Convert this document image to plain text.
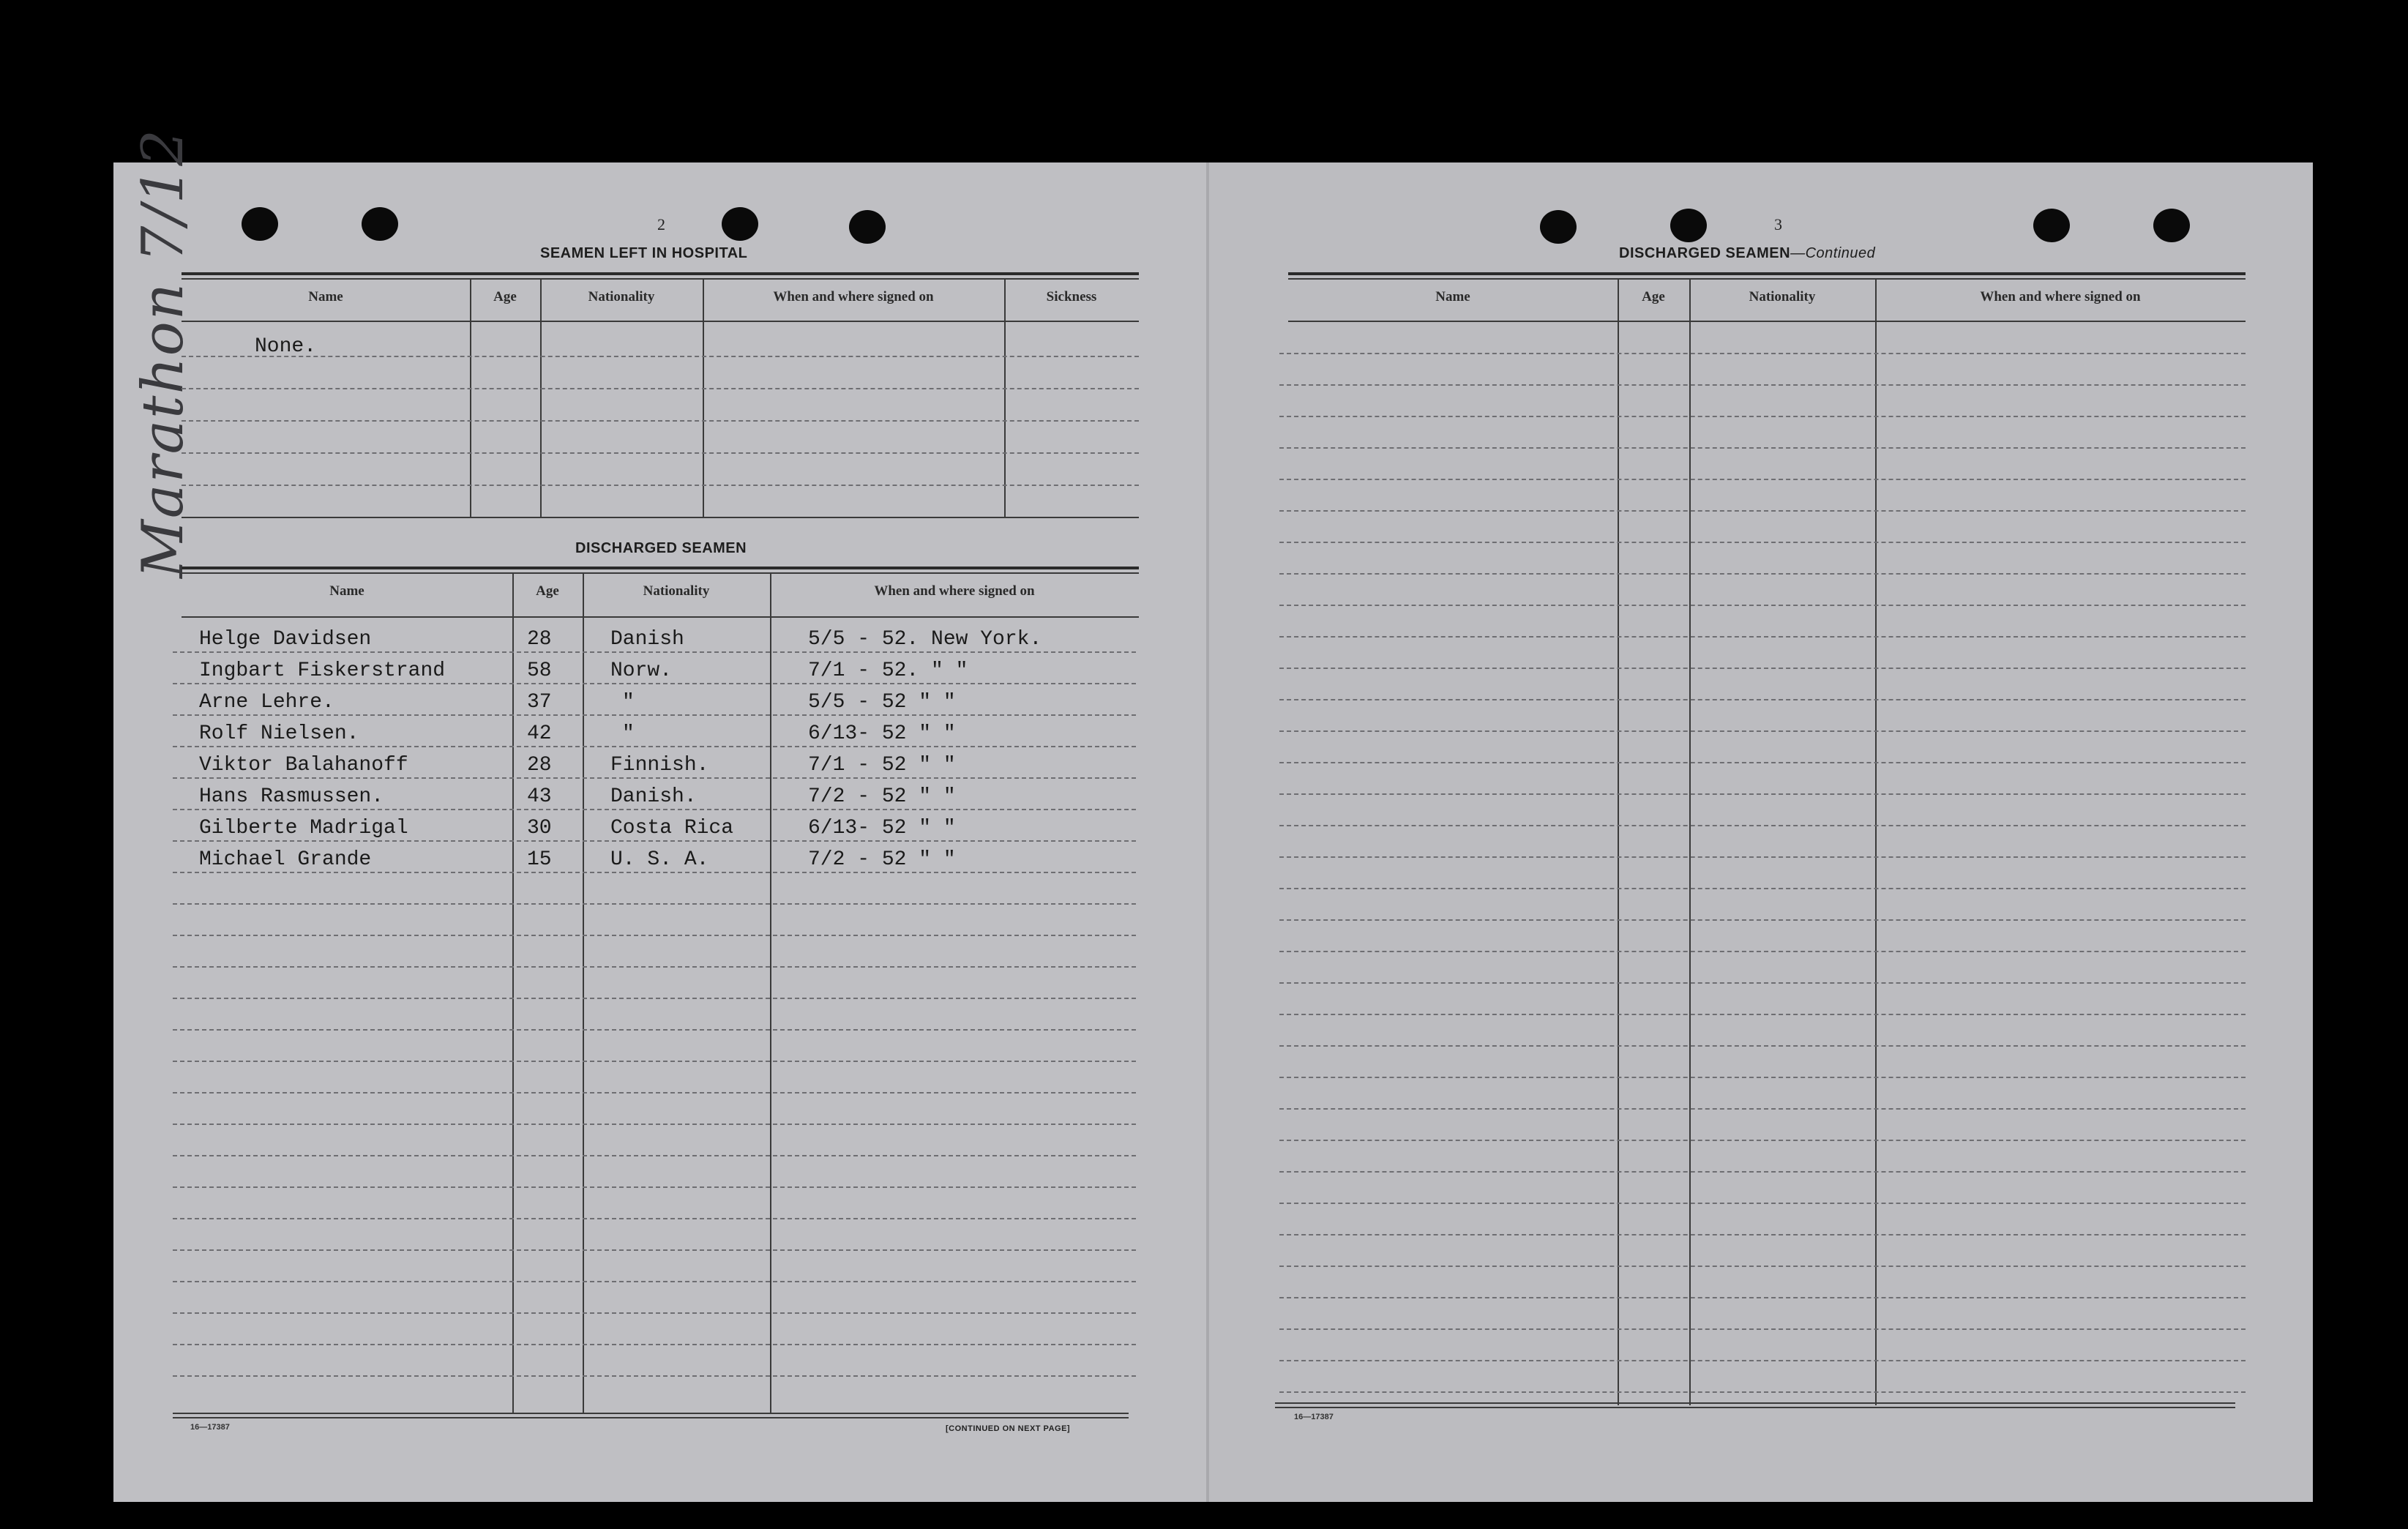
Marathon 7/12	2
SEAMEN LEFT IN HOSPITAL
Name	Age	Nationality	When and where signed on	Sickness
None.
DISCHARGED SEAMEN
Name	Age	Nationality	When and where signed on
Helge Davidsen	28	Danish	5/5 - 52. New York.
Ingbart Fiskerstrand	58	Norw.	7/1 - 52. " "
Arne Lehre.	37	"	5/5 - 52 " "
Rolf Nielsen.	42	"	6/13- 52 " "
Viktor Balahanoff	28	Finnish.	7/1 - 52 " "
Hans Rasmussen.	43	Danish.	7/2 - 52 " "
Gilberte Madrigal	30	Costa Rica	6/13- 52 " "
Michael Grande	15	U. S. A.	7/2 - 52 " "
16—17387	[CONTINUED ON NEXT PAGE]
3
DISCHARGED SEAMEN—Continued
Name	Age	Nationality	When and where signed on
16—17387
